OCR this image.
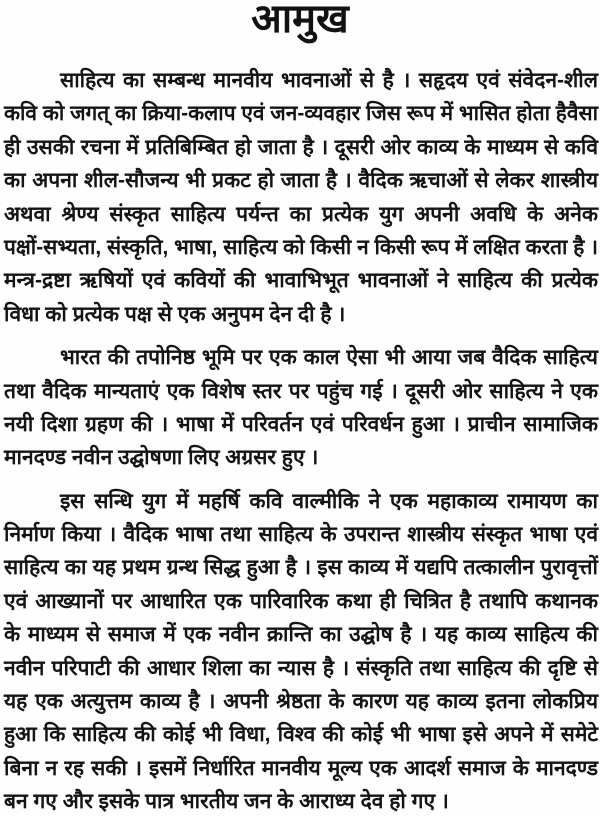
आमुख
साहित्य का सम्बन्ध मानवीय भावनाओं से है । सहृदय एवं संवेदन-शील
कवि को जगत् का क्रिया-कलाप एवं जन-व्यवहार जिस रूप में भासित होता हैवैसा
ही उसकी रचना में प्रतिबिम्बित हो जाता है । दूसरी ओर काव्य के माध्यम से कवि
का अपना शील-सौजन्य भी प्रकट हो जाता है । वैदिक ऋचाओं से लेकर शास्त्रीय
अथवा श्रेण्य संस्कृत साहित्य पर्यन्त का प्रत्येक युग अपनी अवधि के अनेक
पक्षों-सभ्यता, संस्कृति, भाषा, साहित्य को किसी न किसी रूप में लक्षित करता है ।
मन्त्र-द्रष्टा ऋषियों एवं कवियों की भावाभिभूत भावनाओं ने साहित्य की प्रत्येक
विधा को प्रत्येक पक्ष से एक अनुपम देन दी है ।
भारत की तपोनिष्ठ भूमि पर एक काल ऐसा भी आया जब वैदिक साहित्य
तथा वैदिक मान्यताएं एक विशेष स्तर पर पहुंच गई । दूसरी ओर साहित्य ने एक
नयी दिशा ग्रहण की । भाषा में परिवर्तन एवं परिवर्धन हुआ । प्राचीन सामाजिक
मानदण्ड नवीन उद्घोषणा लिए अग्रसर हुए ।
इस सन्धि युग में महर्षि कवि वाल्मीकि ने एक महाकाव्य रामायण का
निर्माण किया । वैदिक भाषा तथा साहित्य के उपरान्त शास्त्रीय संस्कृत भाषा एवं
साहित्य का यह प्रथम ग्रन्थ सिद्ध हुआ है । इस काव्य में यद्यपि तत्कालीन पुरावृत्तों
एवं आख्यानों पर आधारित एक पारिवारिक कथा ही चित्रित है तथापि कथानक
के माध्यम से समाज में एक नवीन क्रान्ति का उद्घोष है । यह काव्य साहित्य की
नवीन परिपाटी की आधार शिला का न्यास है । संस्कृति तथा साहित्य की दृष्टि से
यह एक अत्युत्तम काव्य है । अपनी श्रेष्ठता के कारण यह काव्य इतना लोकप्रिय
हुआ कि साहित्य की कोई भी विधा, विश्व की कोई भी भाषा इसे अपने में समेटे
बिना न रह सकी । इसमें निर्धारित मानवीय मूल्य एक आदर्श समाज के मानदण्ड
बन गए और इसके पात्र भारतीय जन के आराध्य देव हो गए ।
